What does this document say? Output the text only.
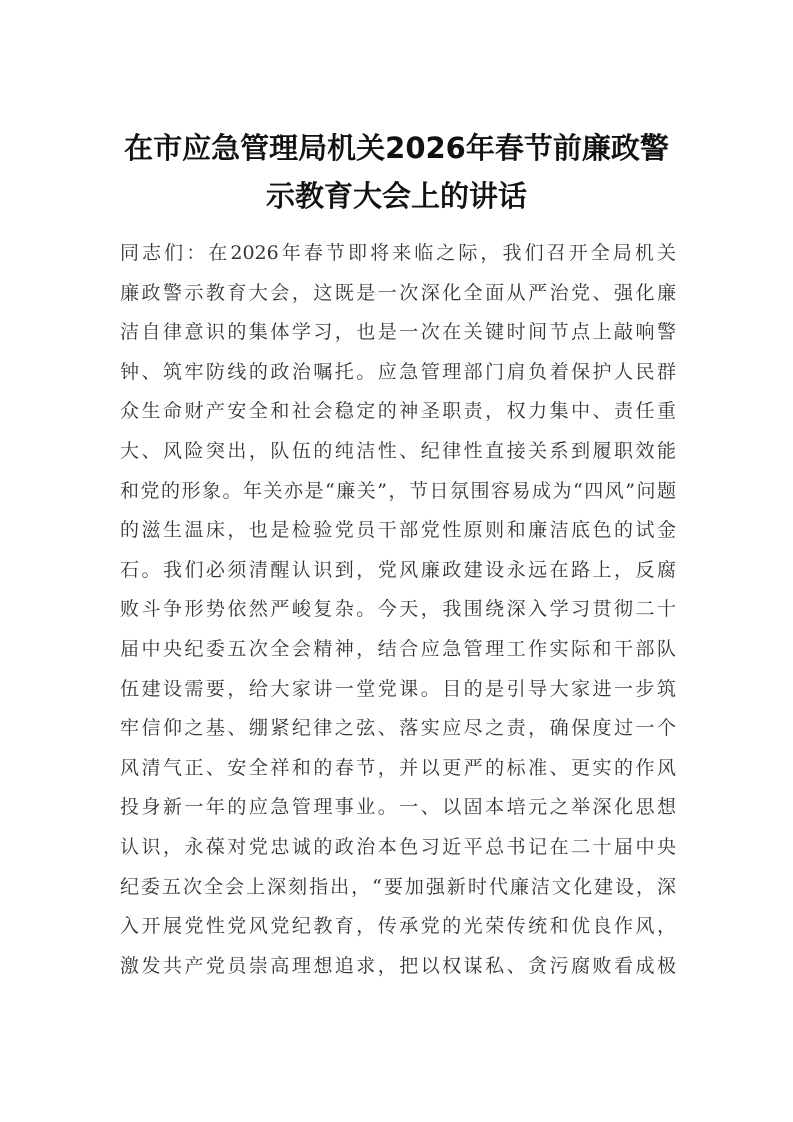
在市应急管理局机关2026年春节前廉政警
示教育大会上的讲话
同志们：在2026年春节即将来临之际，我们召开全局机关
廉政警示教育大会，这既是一次深化全面从严治党、强化廉
洁自律意识的集体学习，也是一次在关键时间节点上敲响警
钟、筑牢防线的政治嘱托。应急管理部门肩负着保护人民群
众生命财产安全和社会稳定的神圣职责，权力集中、责任重
大、风险突出，队伍的纯洁性、纪律性直接关系到履职效能
和党的形象。年关亦是“廉关”，节日氛围容易成为“四风”问题
的滋生温床，也是检验党员干部党性原则和廉洁底色的试金
石。我们必须清醒认识到，党风廉政建设永远在路上，反腐
败斗争形势依然严峻复杂。今天，我围绕深入学习贯彻二十
届中央纪委五次全会精神，结合应急管理工作实际和干部队
伍建设需要，给大家讲一堂党课。目的是引导大家进一步筑
牢信仰之基、绷紧纪律之弦、落实应尽之责，确保度过一个
风清气正、安全祥和的春节，并以更严的标准、更实的作风
投身新一年的应急管理事业。一、以固本培元之举深化思想
认识，永葆对党忠诚的政治本色习近平总书记在二十届中央
纪委五次全会上深刻指出，“要加强新时代廉洁文化建设，深
入开展党性党风党纪教育，传承党的光荣传统和优良作风，
激发共产党员崇高理想追求，把以权谋私、贪污腐败看成极
